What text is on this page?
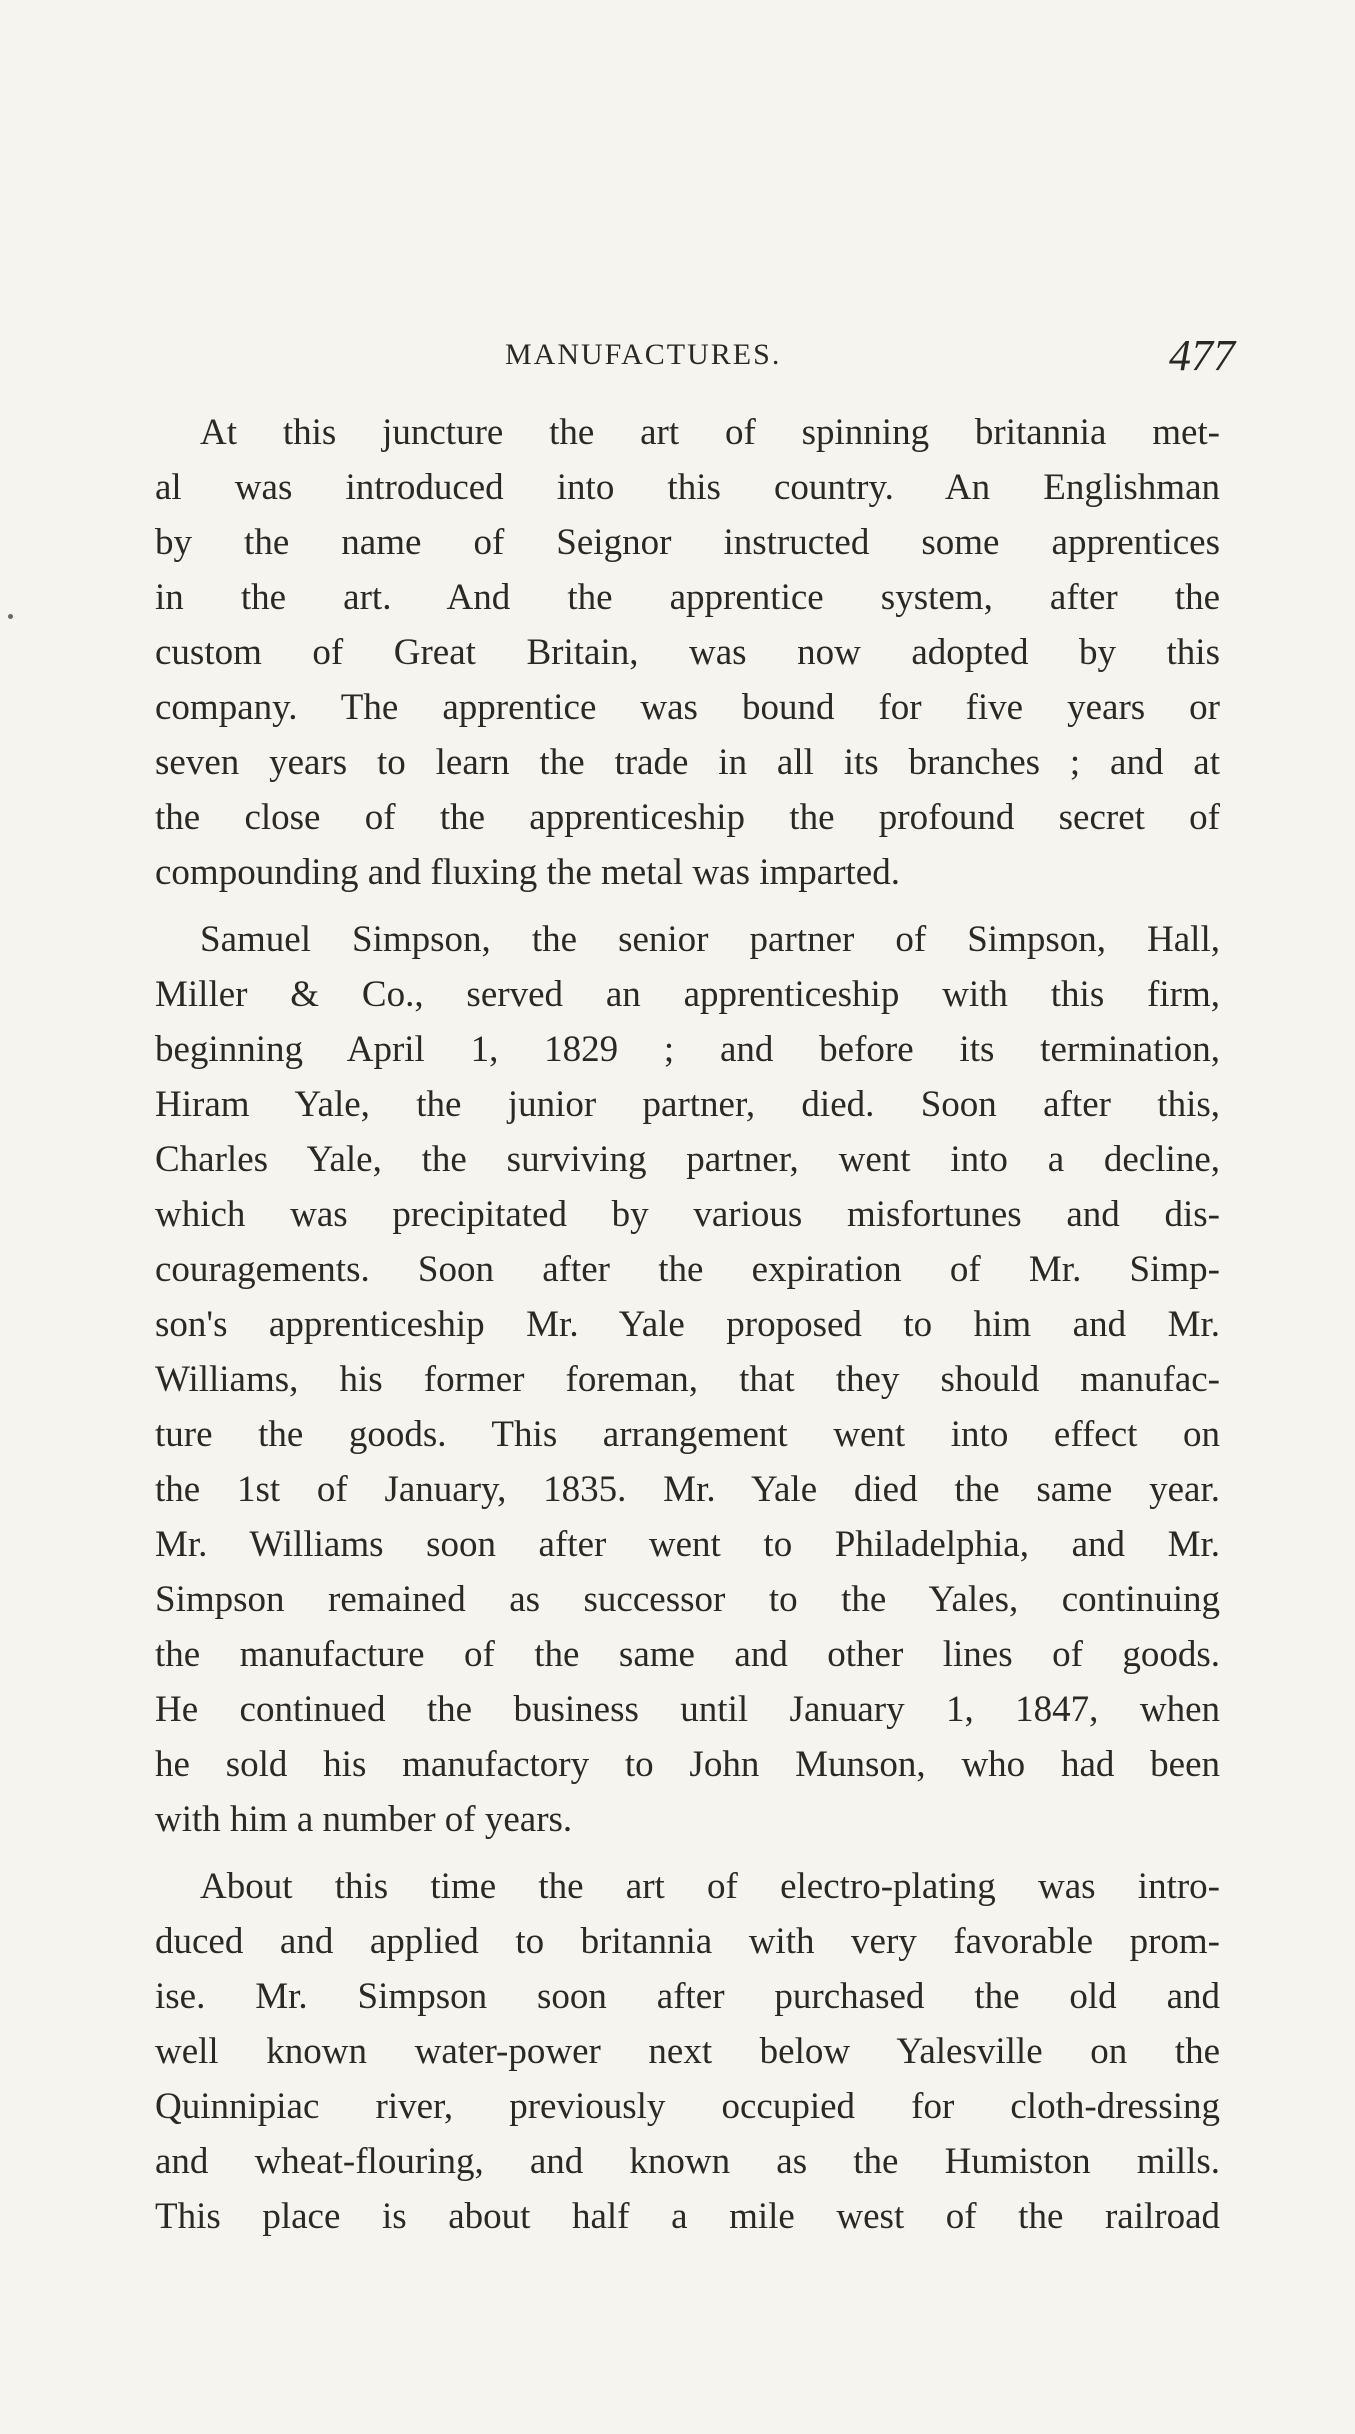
MANUFACTURES.	477
At this juncture the art of spinning britannia met-
al was introduced into this country. An Englishman
by the name of Seignor instructed some apprentices
in the art. And the apprentice system, after the
custom of Great Britain, was now adopted by this
company. The apprentice was bound for five years or
seven years to learn the trade in all its branches ; and at
the close of the apprenticeship the profound secret of
compounding and fluxing the metal was imparted.
Samuel Simpson, the senior partner of Simpson, Hall,
Miller & Co., served an apprenticeship with this firm,
beginning April 1, 1829 ; and before its termination,
Hiram Yale, the junior partner, died. Soon after this,
Charles Yale, the surviving partner, went into a decline,
which was precipitated by various misfortunes and dis-
couragements. Soon after the expiration of Mr. Simp-
son's apprenticeship Mr. Yale proposed to him and Mr.
Williams, his former foreman, that they should manufac-
ture the goods. This arrangement went into effect on
the 1st of January, 1835. Mr. Yale died the same year.
Mr. Williams soon after went to Philadelphia, and Mr.
Simpson remained as successor to the Yales, continuing
the manufacture of the same and other lines of goods.
He continued the business until January 1, 1847, when
he sold his manufactory to John Munson, who had been
with him a number of years.
About this time the art of electro-plating was intro-
duced and applied to britannia with very favorable prom-
ise. Mr. Simpson soon after purchased the old and
well known water-power next below Yalesville on the
Quinnipiac river, previously occupied for cloth-dressing
and wheat-flouring, and known as the Humiston mills.
This place is about half a mile west of the railroad
